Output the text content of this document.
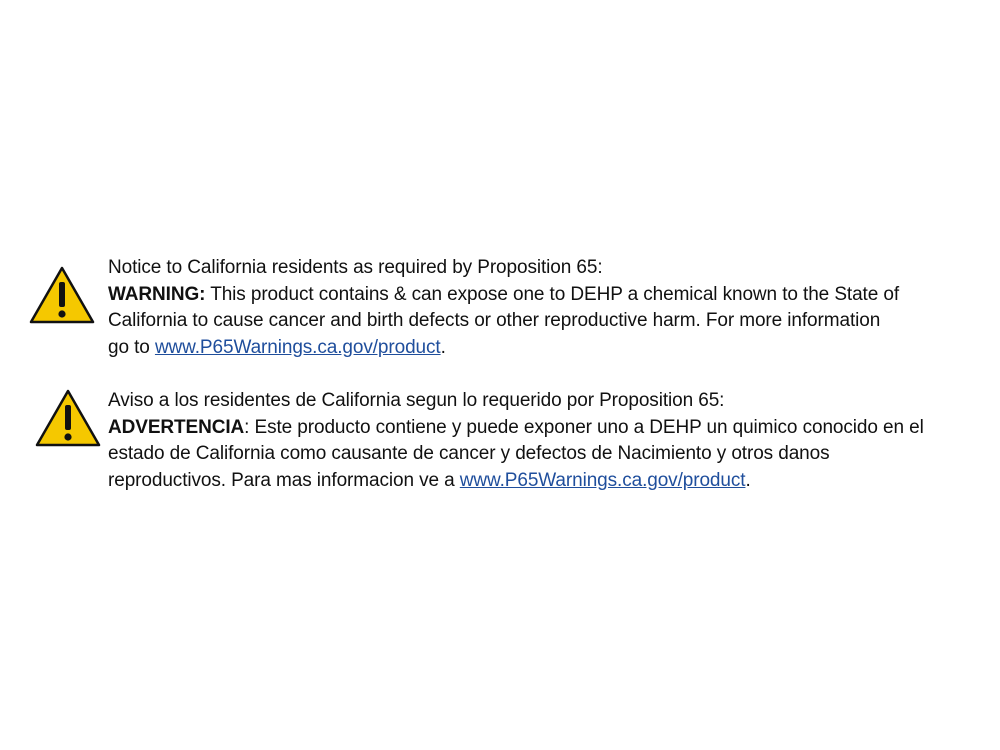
Notice to California residents as required by Proposition 65:

WARNING: This product contains & can expose one to DEHP a chemical known to the State of

California to cause cancer and birth defects or other reproductive harm. For more information

go to www.P65Warnings.ca.gov/product.

Aviso a los residentes de California segun lo requerido por Proposition 65:

ADVERTENCIA: Este producto contiene y puede exponer uno a DEHP un quimico conocido en el

estado de California como causante de cancer y defectos de Nacimiento y otros danos

reproductivos. Para mas informacion ve a www.P65Warnings.ca.gov/product.
